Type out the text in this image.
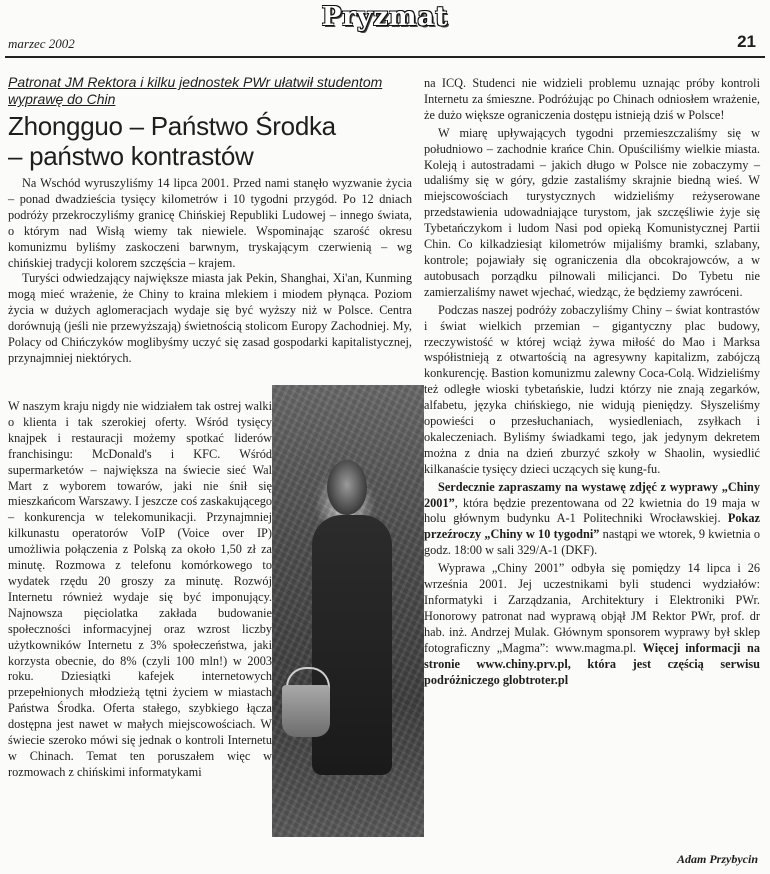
Pryzmat
marzec 2002	21
Patronat JM Rektora i kilku jednostek PWr ułatwił studentom wyprawę do Chin
Zhongguo – Państwo Środka
– państwo kontrastów

Na Wschód wyruszyliśmy 14 lipca 2001. Przed nami stanęło wyzwanie życia – ponad dwadzieścia tysięcy kilometrów i 10 tygodni przygód. Po 12 dniach podróży przekroczyliśmy granicę Chińskiej Republiki Ludowej – innego świata, o którym nad Wisłą wiemy tak niewiele. Wspominając szarość okresu komunizmu byliśmy zaskoczeni barwnym, tryskającym czerwienią – wg chińskiej tradycji kolorem szczęścia – krajem.

Turyści odwiedzający największe miasta jak Pekin, Shanghai, Xi'an, Kunming mogą mieć wrażenie, że Chiny to kraina mlekiem i miodem płynąca. Poziom życia w dużych aglomeracjach wydaje się być wyższy niż w Polsce. Centra dorównują (jeśli nie przewyższają) świetnością stolicom Europy Zachodniej. My, Polacy od Chińczyków moglibyśmy uczyć się zasad gospodarki kapitalistycznej, przynajmniej niektórych.

W naszym kraju nigdy nie widziałem tak ostrej walki o klienta i tak szerokiej oferty. Wśród tysięcy knajpek i restauracji możemy spotkać liderów franchisingu: McDonald's i KFC. Wśród supermarketów – największa na świecie sieć Wal Mart z wyborem towarów, jaki nie śnił się mieszkańcom Warszawy. I jeszcze coś zaskakującego – konkurencja w telekomunikacji. Przynajmniej kilkunastu operatorów VoIP (Voice over IP) umożliwia połączenia z Polską za około 1,50 zł za minutę. Rozmowa z telefonu komórkowego to wydatek rzędu 20 groszy za minutę. Rozwój Internetu również wydaje się być imponujący. Najnowsza pięciolatka zakłada budowanie społeczności informacyjnej oraz wzrost liczby użytkowników Internetu z 3% społeczeństwa, jaki korzysta obecnie, do 8% (czyli 100 mln!) w 2003 roku. Dziesiątki kafejek internetowych przepełnionych młodzieżą tętni życiem w miastach Państwa Środka. Oferta stałego, szybkiego łącza dostępna jest nawet w małych miejscowościach. W świecie szeroko mówi się jednak o kontroli Internetu w Chinach. Temat ten poruszałem więc w rozmowach z chińskimi informatykami

na ICQ. Studenci nie widzieli problemu uznając próby kontroli Internetu za śmieszne. Podróżując po Chinach odniosłem wrażenie, że dużo większe ograniczenia dostępu istnieją dziś w Polsce!

W miarę upływających tygodni przemieszczaliśmy się w południowo – zachodnie krańce Chin. Opuściliśmy wielkie miasta. Koleją i autostradami – jakich długo w Polsce nie zobaczymy – udaliśmy się w góry, gdzie zastaliśmy skrajnie biedną wieś. W miejscowościach turystycznych widzieliśmy reżyserowane przedstawienia udowadniające turystom, jak szczęśliwie żyje się Tybetańczykom i ludom Nasi pod opieką Komunistycznej Partii Chin. Co kilkadziesiąt kilometrów mijaliśmy bramki, szlabany, kontrole; pojawiały się ograniczenia dla obcokrajowców, a w autobusach porządku pilnowali milicjanci. Do Tybetu nie zamierzaliśmy nawet wjechać, wiedząc, że będziemy zawróceni.

Podczas naszej podróży zobaczyliśmy Chiny – świat kontrastów i świat wielkich przemian – gigantyczny plac budowy, rzeczywistość w której wciąż żywa miłość do Mao i Marksa współistnieją z otwartością na agresywny kapitalizm, zabójczą konkurencję. Bastion komunizmu zalewny Coca-Colą. Widzieliśmy też odległe wioski tybetańskie, ludzi którzy nie znają zegarków, alfabetu, języka chińskiego, nie widują pieniędzy. Słyszeliśmy opowieści o przesłuchaniach, wysiedleniach, zsyłkach i okaleczeniach. Byliśmy świadkami tego, jak jedynym dekretem można z dnia na dzień zburzyć szkoły w Shaolin, wysiedlić kilkanaście tysięcy dzieci uczących się kung-fu.

Serdecznie zapraszamy na wystawę zdjęć z wyprawy „Chiny 2001”, która będzie prezentowana od 22 kwietnia do 19 maja w holu głównym budynku A-1 Politechniki Wrocławskiej. Pokaz przeźroczy „Chiny w 10 tygodni” nastąpi we wtorek, 9 kwietnia o godz. 18:00 w sali 329/A-1 (DKF).

Wyprawa „Chiny 2001” odbyła się pomiędzy 14 lipca i 26 września 2001. Jej uczestnikami byli studenci wydziałów: Informatyki i Zarządzania, Architektury i Elektroniki PWr. Honorowy patronat nad wyprawą objął JM Rektor PWr, prof. dr hab. inż. Andrzej Mulak. Głównym sponsorem wyprawy był sklep fotograficzny „Magma”: www.magma.pl. Więcej informacji na stronie www.chiny.prv.pl, która jest częścią serwisu podróżniczego globtroter.pl

Adam Przybycin
